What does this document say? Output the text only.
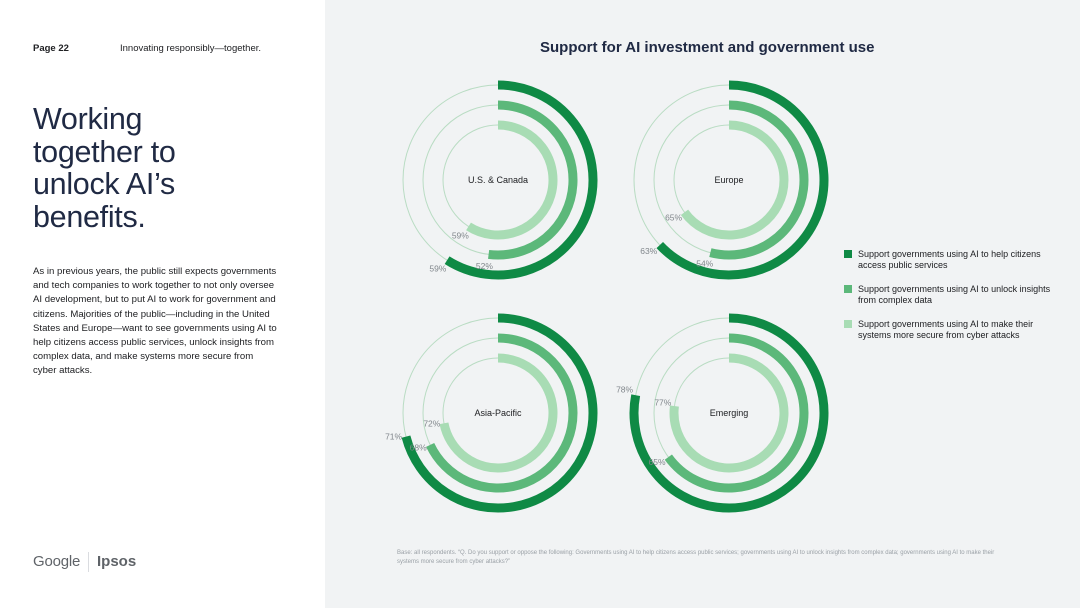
Page 22	Innovating responsibly—together.
Working
together to
unlock AI’s
benefits.

As in previous years, the public still expects governments and tech companies to work together to not only oversee AI development, but to put AI to work for government and citizens. Majorities of the public—including in the United States and Europe—want to see governments using AI to help citizens access public services, unlock insights from complex data, and make systems more secure from cyber attacks.

Google Ipsos
Support for AI investment and government use
59%	52%
59%
U.S. & Canada
63%
54%
65%
Europe
71%
68%
72%
Asia-Pacific
78%
65%
77%
Emerging
Support governments using AI to help citizens access public services
Support governments using AI to unlock insights from complex data
Support governments using AI to make their systems more secure from cyber attacks

Base: all respondents. “Q. Do you support or oppose the following: Governments using AI to help citizens access public services; governments using AI to unlock insights from complex data; governments using AI to make their systems more secure from cyber attacks?”
